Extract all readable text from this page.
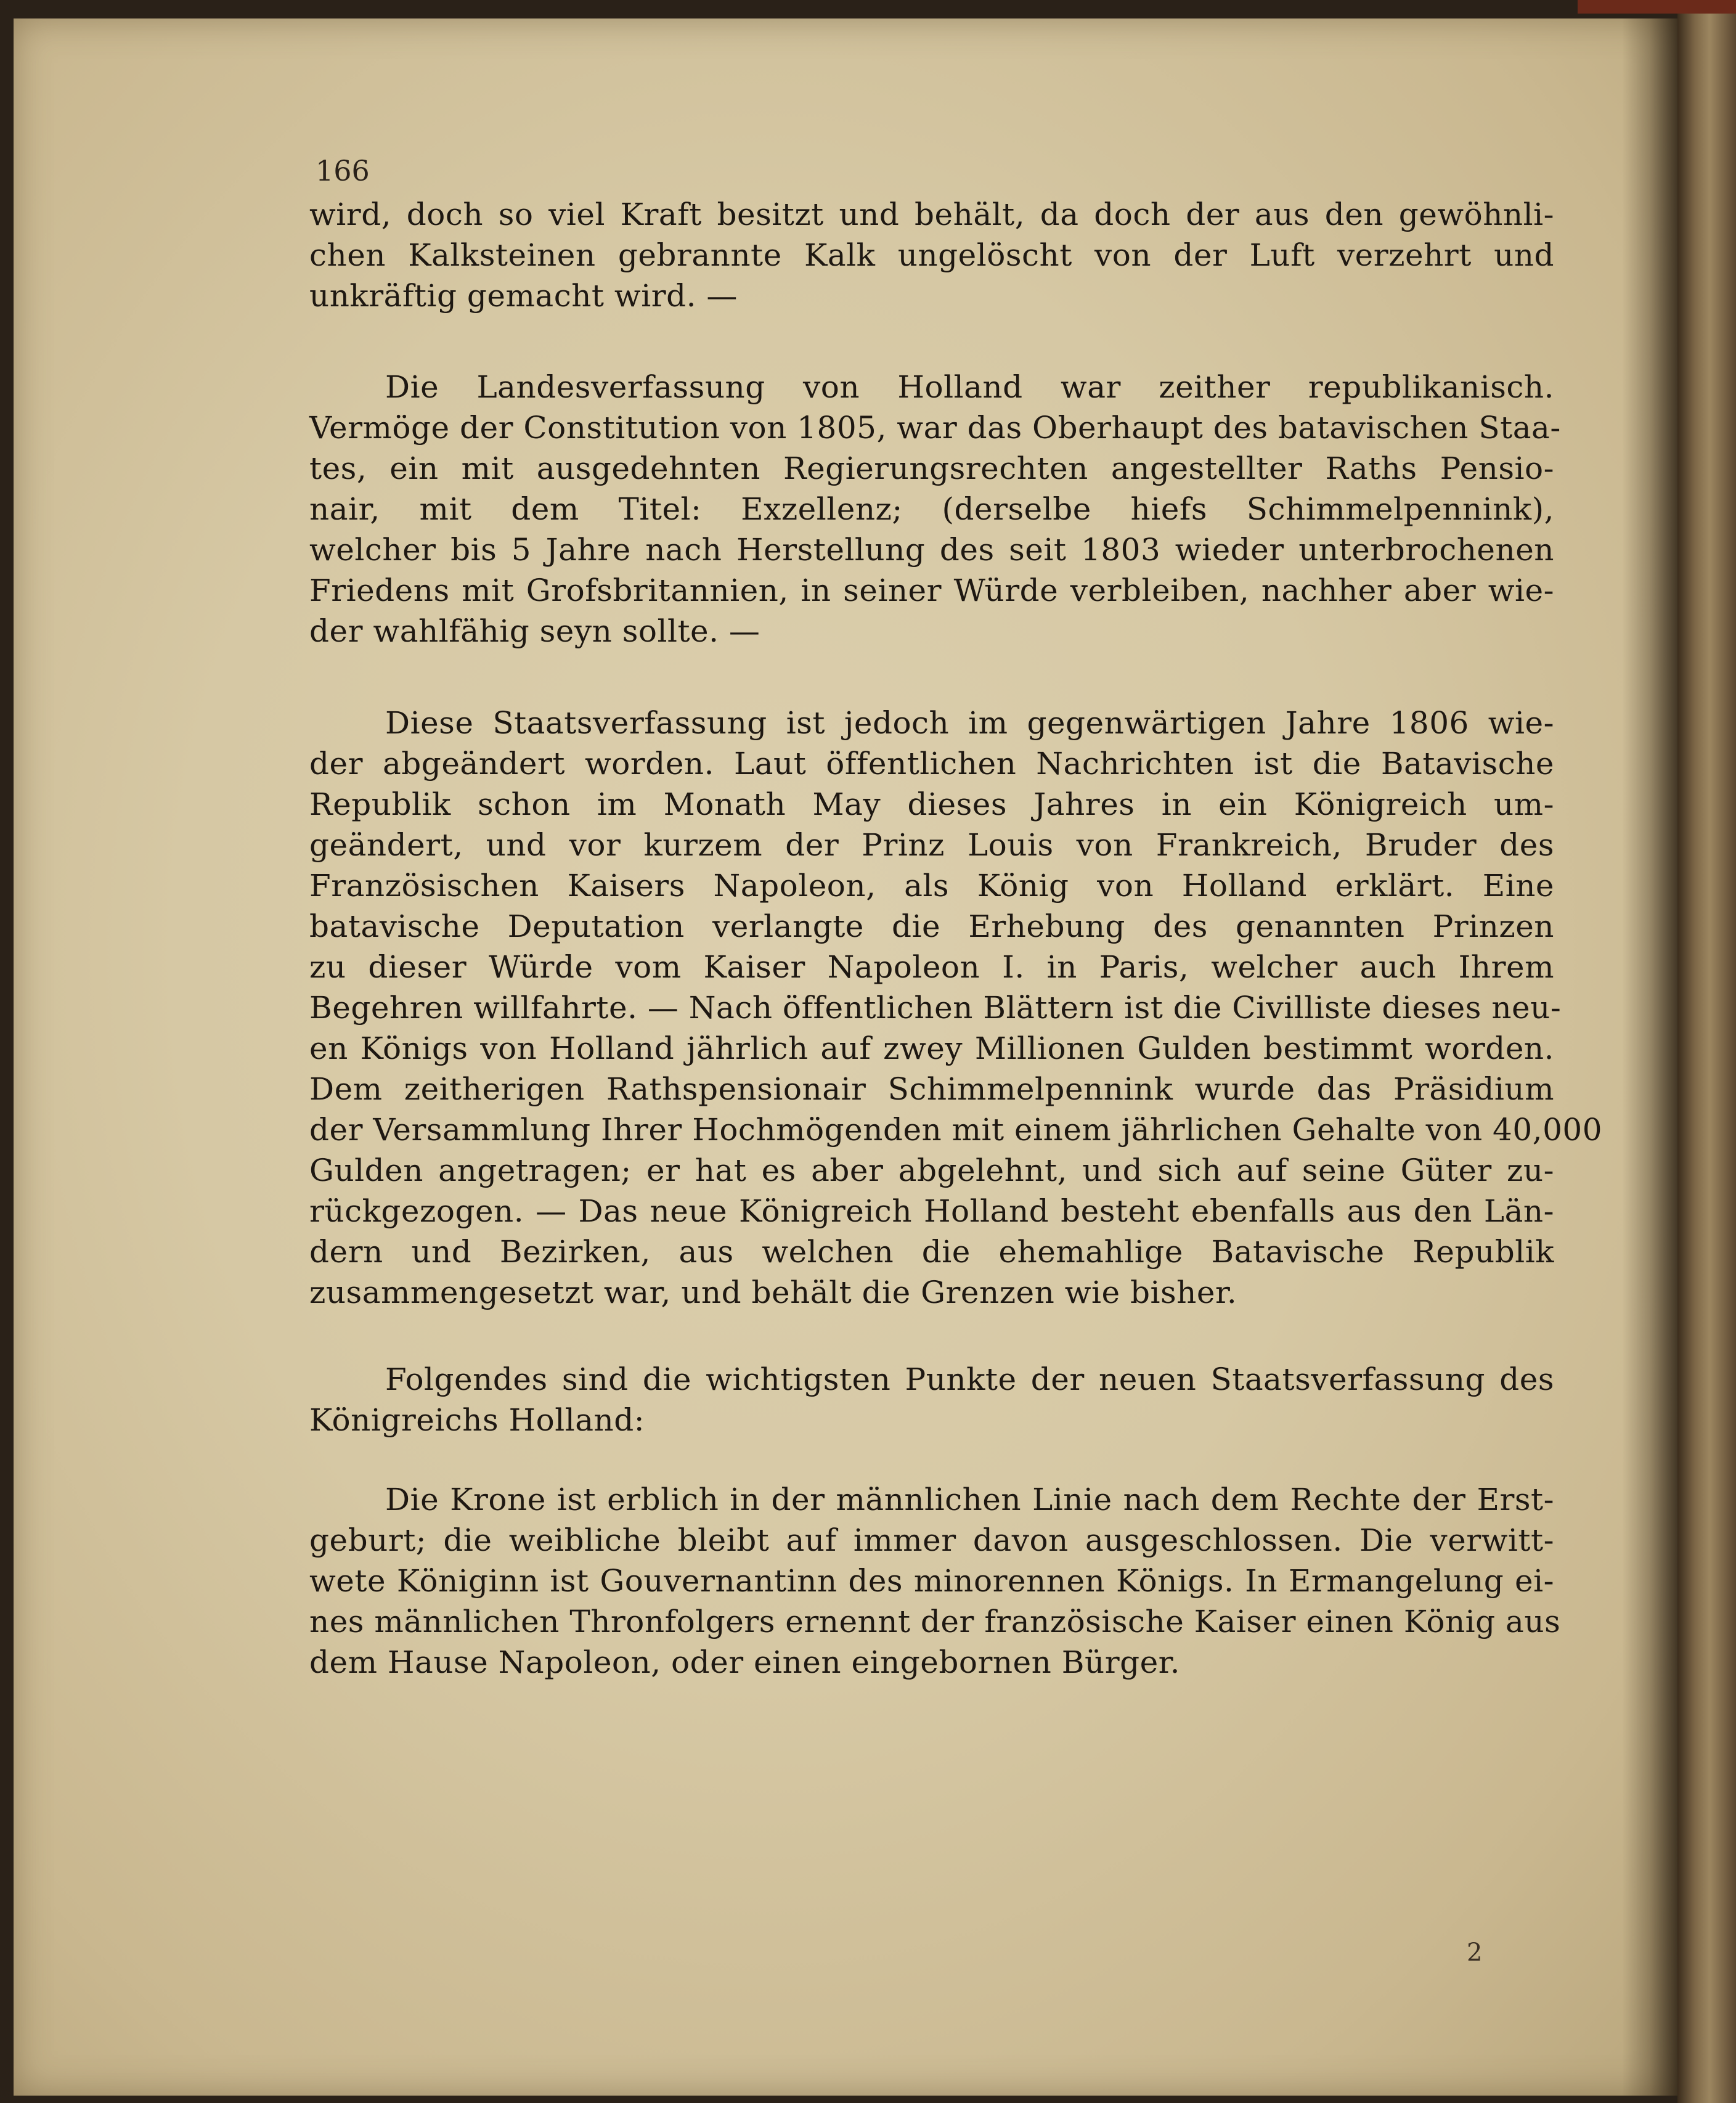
166
2
wird, doch so viel Kraft besitzt und behält, da doch der aus den gewöhnli-
chen Kalksteinen gebrannte Kalk ungelöscht von der Luft verzehrt und
unkräftig gemacht wird. —
Die Landesverfassung von Holland war zeither republikanisch.
Vermöge der Constitution von 1805, war das Oberhaupt des batavischen Staa-
tes, ein mit ausgedehnten Regierungsrechten angestellter Raths Pensio-
nair, mit dem Titel: Exzellenz; (derselbe hiefs Schimmelpennink),
welcher bis 5 Jahre nach Herstellung des seit 1803 wieder unterbrochenen
Friedens mit Grofsbritannien, in seiner Würde verbleiben, nachher aber wie-
der wahlfähig seyn sollte. —
Diese Staatsverfassung ist jedoch im gegenwärtigen Jahre 1806 wie-
der abgeändert worden. Laut öffentlichen Nachrichten ist die Batavische
Republik schon im Monath May dieses Jahres in ein Königreich um-
geändert, und vor kurzem der Prinz Louis von Frankreich, Bruder des
Französischen Kaisers Napoleon, als König von Holland erklärt. Eine
batavische Deputation verlangte die Erhebung des genannten Prinzen
zu dieser Würde vom Kaiser Napoleon I. in Paris, welcher auch Ihrem
Begehren willfahrte. — Nach öffentlichen Blättern ist die Civilliste dieses neu-
en Königs von Holland jährlich auf zwey Millionen Gulden bestimmt worden.
Dem zeitherigen Rathspensionair Schimmelpennink wurde das Präsidium
der Versammlung Ihrer Hochmögenden mit einem jährlichen Gehalte von 40,000
Gulden angetragen; er hat es aber abgelehnt, und sich auf seine Güter zu-
rückgezogen. — Das neue Königreich Holland besteht ebenfalls aus den Län-
dern und Bezirken, aus welchen die ehemahlige Batavische Republik
zusammengesetzt war, und behält die Grenzen wie bisher.
Folgendes sind die wichtigsten Punkte der neuen Staatsverfassung des
Königreichs Holland:
Die Krone ist erblich in der männlichen Linie nach dem Rechte der Erst-
geburt; die weibliche bleibt auf immer davon ausgeschlossen. Die verwitt-
wete Königinn ist Gouvernantinn des minorennen Königs. In Ermangelung ei-
nes männlichen Thronfolgers ernennt der französische Kaiser einen König aus
dem Hause Napoleon, oder einen eingebornen Bürger.
